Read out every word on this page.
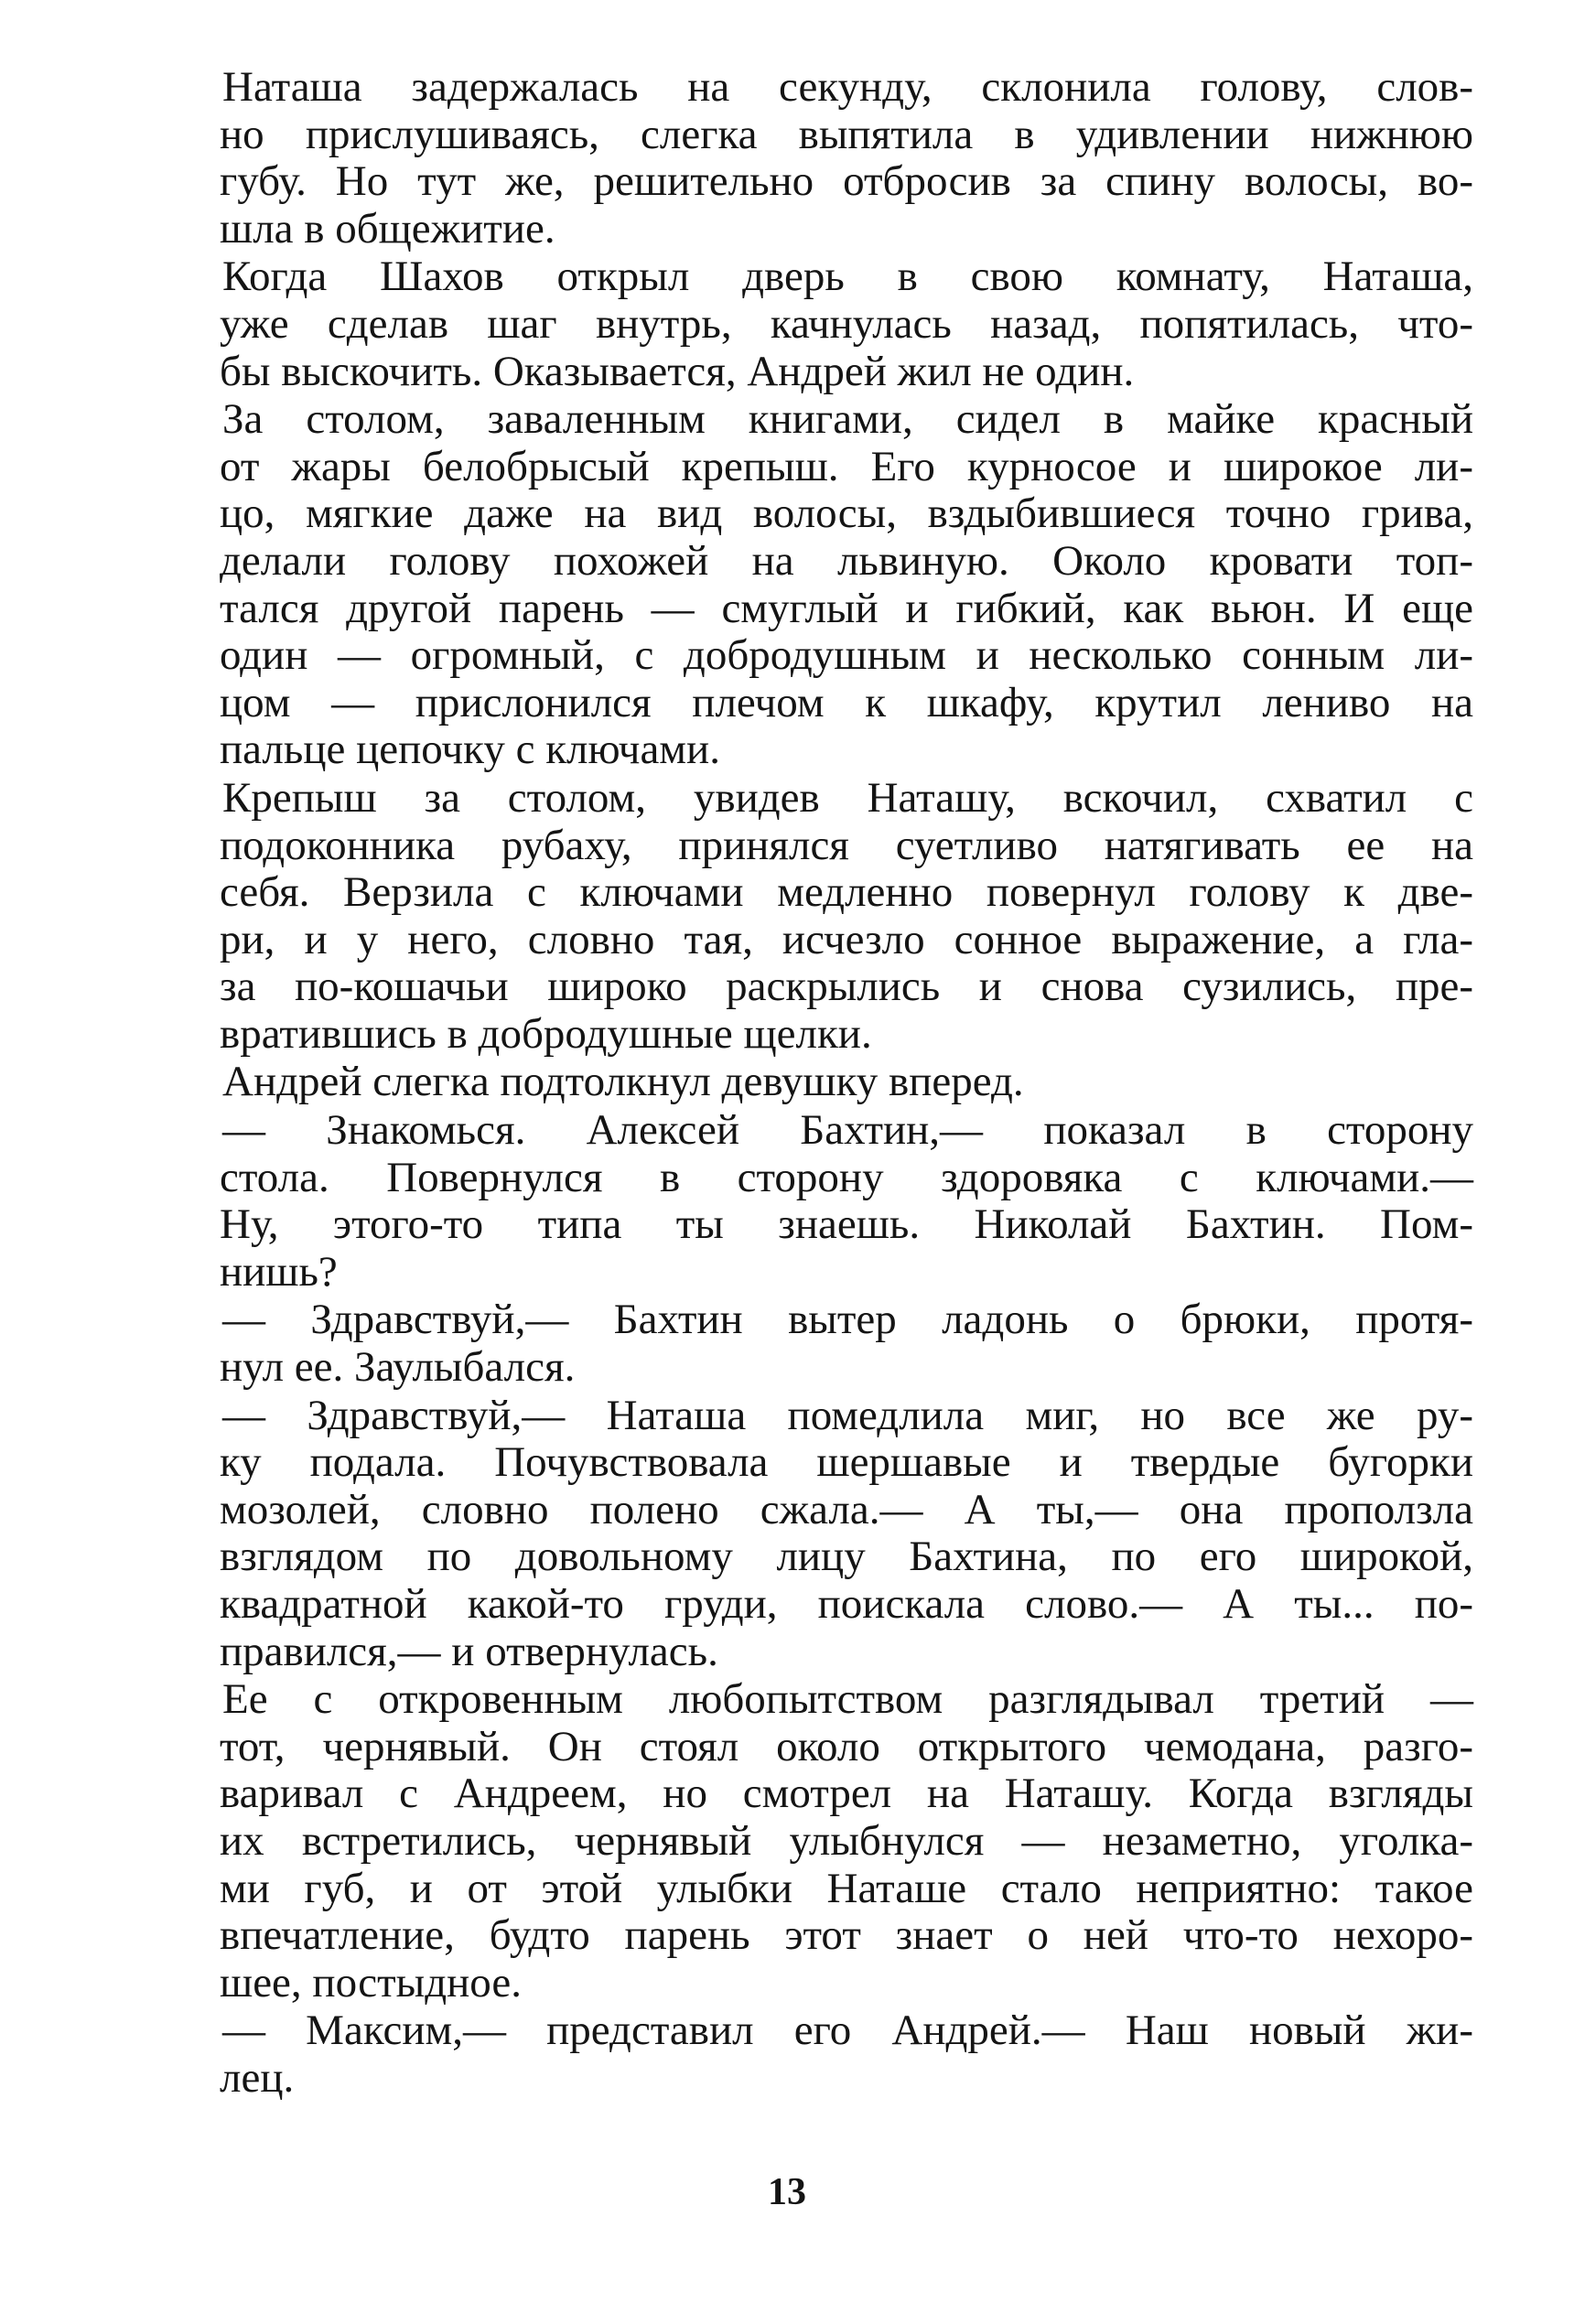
Наташа задержалась на секунду, склонила голову, слов-
но прислушиваясь, слегка выпятила в удивлении нижнюю
губу. Но тут же, решительно отбросив за спину волосы, во-
шла в общежитие.
Когда Шахов открыл дверь в свою комнату, Наташа,
уже сделав шаг внутрь, качнулась назад, попятилась, что-
бы выскочить. Оказывается, Андрей жил не один.
За столом, заваленным книгами, сидел в майке красный
от жары белобрысый крепыш. Его курносое и широкое ли-
цо, мягкие даже на вид волосы, вздыбившиеся точно грива,
делали голову похожей на львиную. Около кровати топ-
тался другой парень — смуглый и гибкий, как вьюн. И еще
один — огромный, с добродушным и несколько сонным ли-
цом — прислонился плечом к шкафу, крутил лениво на
пальце цепочку с ключами.
Крепыш за столом, увидев Наташу, вскочил, схватил с
подоконника рубаху, принялся суетливо натягивать ее на
себя. Верзила с ключами медленно повернул голову к две-
ри, и у него, словно тая, исчезло сонное выражение, а гла-
за по-кошачьи широко раскрылись и снова сузились, пре-
вратившись в добродушные щелки.
Андрей слегка подтолкнул девушку вперед.
— Знакомься. Алексей Бахтин,— показал в сторону
стола. Повернулся в сторону здоровяка с ключами.—
Ну, этого-то типа ты знаешь. Николай Бахтин. Пом-
нишь?
— Здравствуй,— Бахтин вытер ладонь о брюки, протя-
нул ее. Заулыбался.
— Здравствуй,— Наташа помедлила миг, но все же ру-
ку подала. Почувствовала шершавые и твердые бугорки
мозолей, словно полено сжала.— А ты,— она проползла
взглядом по довольному лицу Бахтина, по его широкой,
квадратной какой-то груди, поискала слово.— А ты... по-
правился,— и отвернулась.
Ее с откровенным любопытством разглядывал третий —
тот, чернявый. Он стоял около открытого чемодана, разго-
варивал с Андреем, но смотрел на Наташу. Когда взгляды
их встретились, чернявый улыбнулся — незаметно, уголка-
ми губ, и от этой улыбки Наташе стало неприятно: такое
впечатление, будто парень этот знает о ней что-то нехоро-
шее, постыдное.
— Максим,— представил его Андрей.— Наш новый жи-
лец.
13
